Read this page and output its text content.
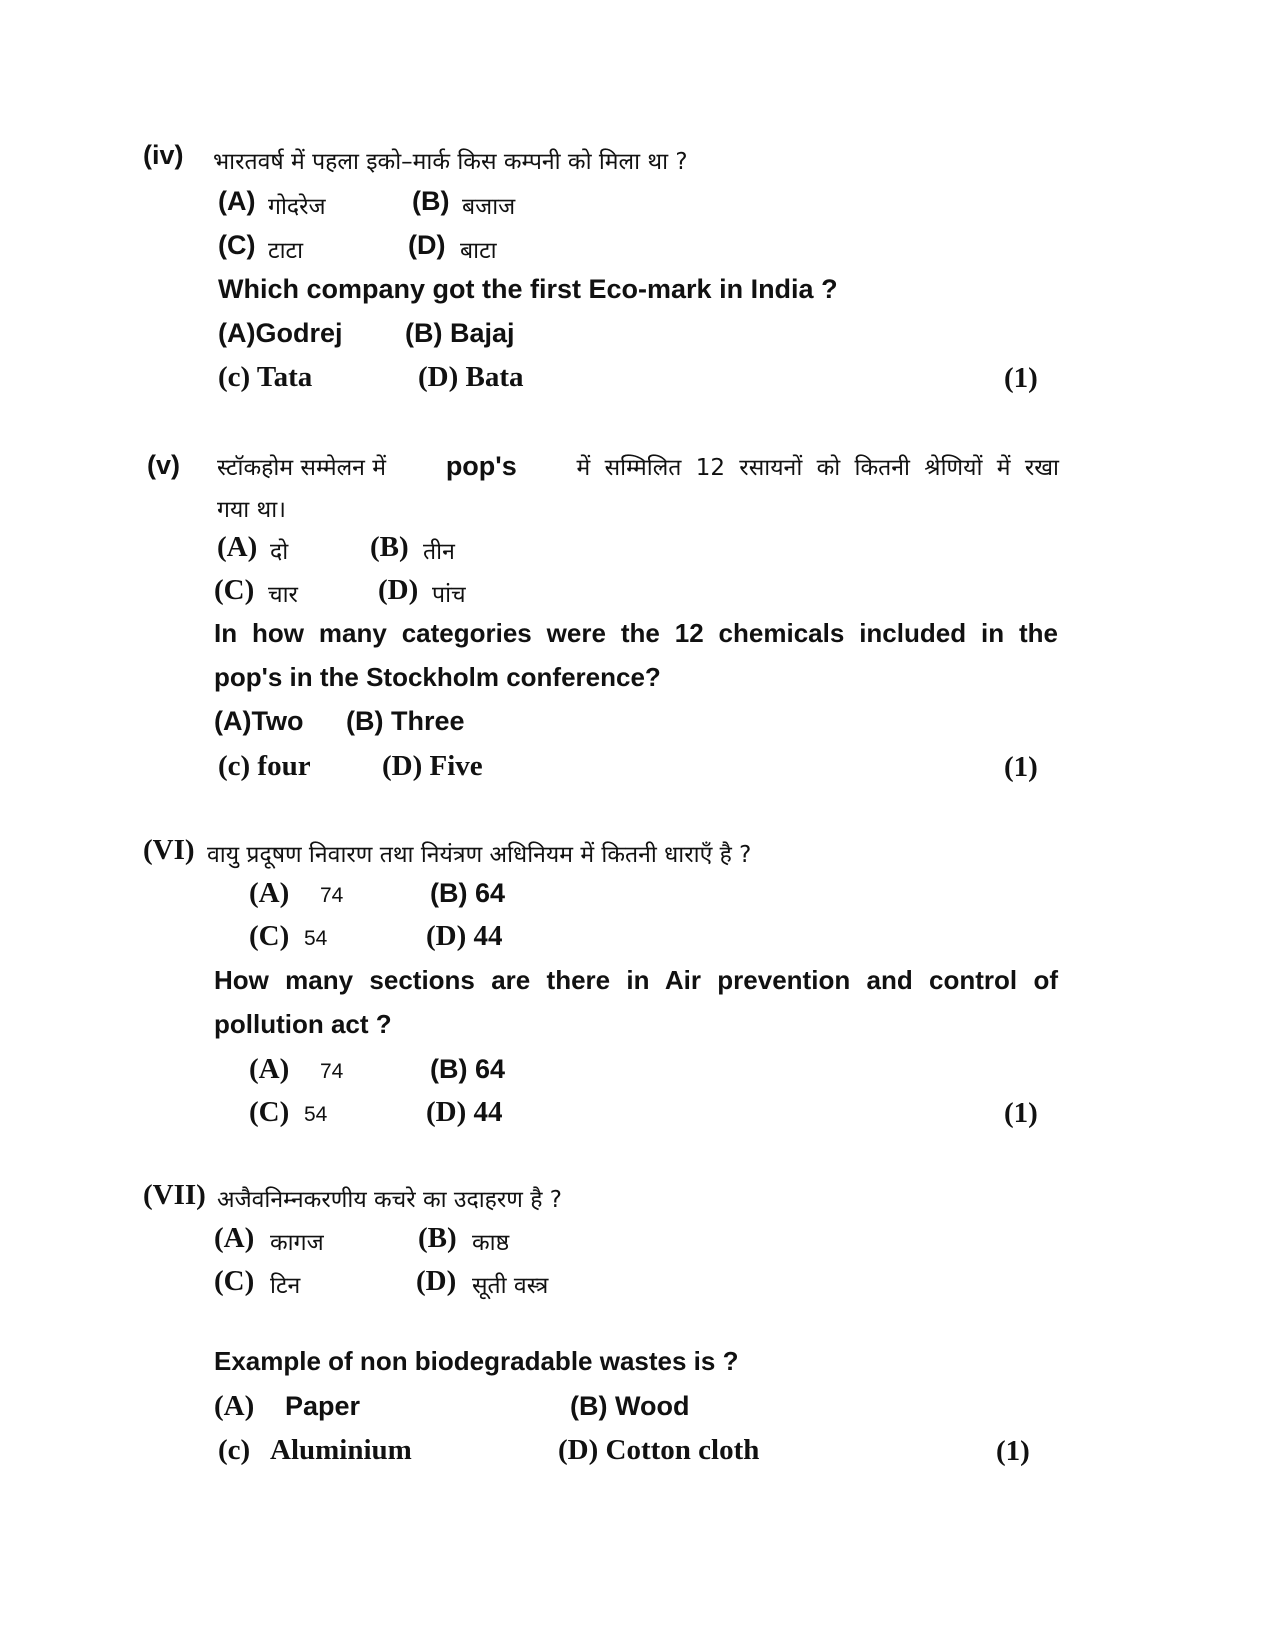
(iv) भारतवर्ष में पहला इको–मार्क किस कम्पनी को मिला था ?
(A) गोदरेज	(B) बजाज
(C) टाटा	(D) बाटा
Which company got the first Eco-mark in India ?
(A)Godrej (B) Bajaj
(c) Tata	(D) Bata	(1)
(v) स्टॉकहोम सम्मेलन में pop's	में सम्मिलित 12 रसायनों को कितनी श्रेणियों में रखा
गया था।
(A) दो	(B) तीन
(C) चार	(D) पांच
In how many categories were the 12 chemicals included in the
pop's in the Stockholm conference?
(A)Two (B) Three
(c) four (D) Five	(1)
(VI) वायु प्रदूषण निवारण तथा नियंत्रण अधिनियम में कितनी धाराएँ है ?
(A) 74	(B) 64
(C) 54	(D) 44
How many sections are there in Air prevention and control of
pollution act ?
(A) 74	(B) 64
(C) 54	(D) 44	(1)
(VII) अजैवनिम्नकरणीय कचरे का उदाहरण है ?
(A) कागज	(B) काष्ठ
(C) टिन	(D) सूती वस्त्र
Example of non biodegradable wastes is ?
(A) Paper	(B) Wood
(c) Aluminium	(D) Cotton cloth	(1)
